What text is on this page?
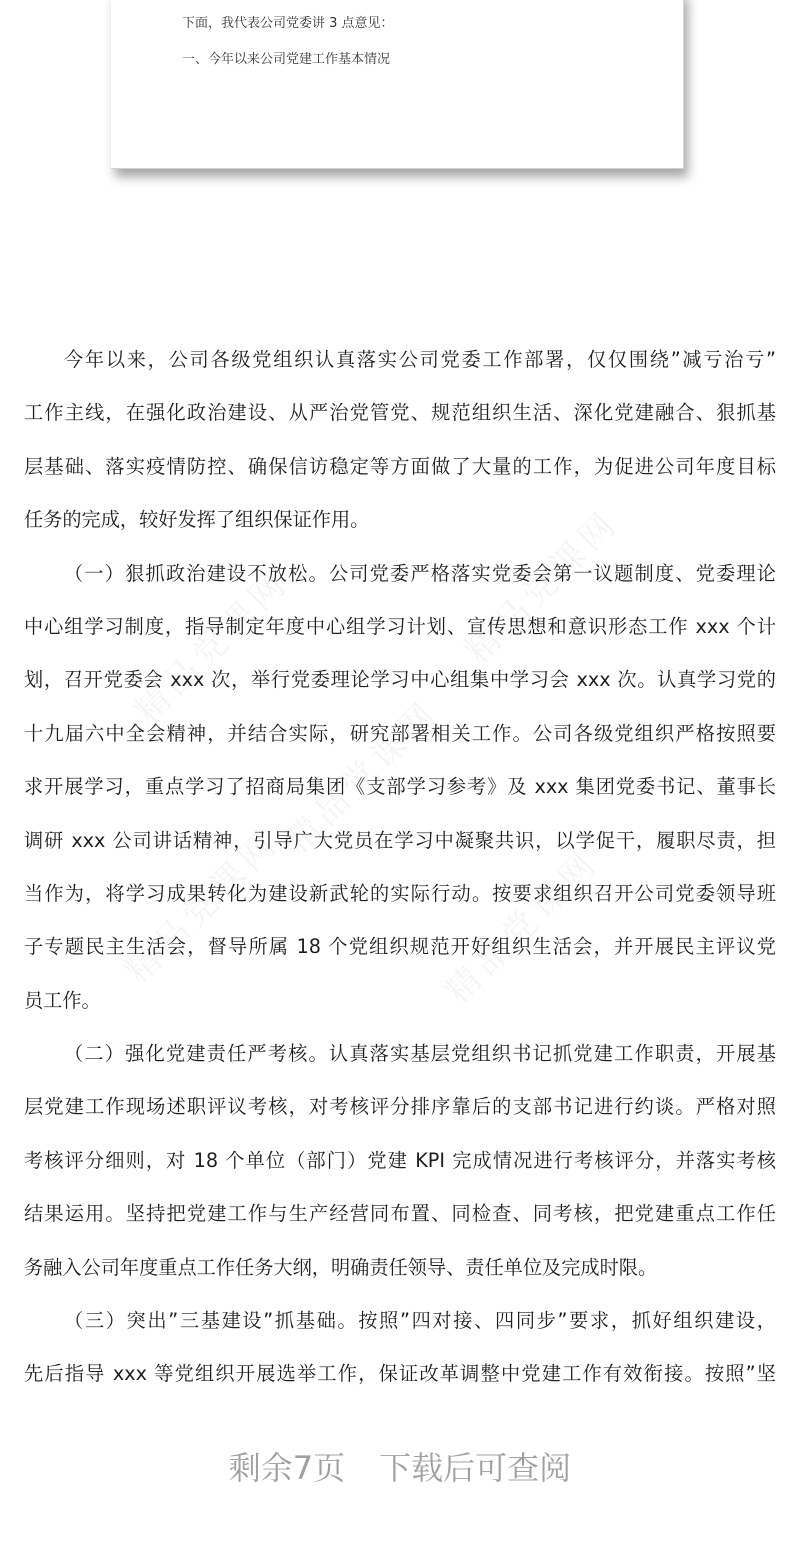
下面，我代表公司党委讲 3 点意见：
一、今年以来公司党建工作基本情况
今年以来，公司各级党组织认真落实公司党委工作部署，仅仅围绕”减亏治亏”
工作主线，在强化政治建设、从严治党管党、规范组织生活、深化党建融合、狠抓基
层基础、落实疫情防控、确保信访稳定等方面做了大量的工作，为促进公司年度目标
任务的完成，较好发挥了组织保证作用。
（一）狠抓政治建设不放松。公司党委严格落实党委会第一议题制度、党委理论
中心组学习制度，指导制定年度中心组学习计划、宣传思想和意识形态工作 xxx 个计
划，召开党委会 xxx 次，举行党委理论学习中心组集中学习会 xxx 次。认真学习党的
十九届六中全会精神，并结合实际，研究部署相关工作。公司各级党组织严格按照要
求开展学习，重点学习了招商局集团《支部学习参考》及 xxx 集团党委书记、董事长
调研 xxx 公司讲话精神，引导广大党员在学习中凝聚共识，以学促干，履职尽责，担
当作为，将学习成果转化为建设新武轮的实际行动。按要求组织召开公司党委领导班
子专题民主生活会，督导所属 18 个党组织规范开好组织生活会，并开展民主评议党
员工作。
（二）强化党建责任严考核。认真落实基层党组织书记抓党建工作职责，开展基
层党建工作现场述职评议考核，对考核评分排序靠后的支部书记进行约谈。严格对照
考核评分细则，对 18 个单位（部门）党建 KPI 完成情况进行考核评分，并落实考核
结果运用。坚持把党建工作与生产经营同布置、同检查、同考核，把党建重点工作任
务融入公司年度重点工作任务大纲，明确责任领导、责任单位及完成时限。
（三）突出”三基建设”抓基础。按照”四对接、四同步”要求，抓好组织建设，
先后指导 xxx 等党组织开展选举工作，保证改革调整中党建工作有效衔接。按照”坚
剩余7页 下载后可查阅
